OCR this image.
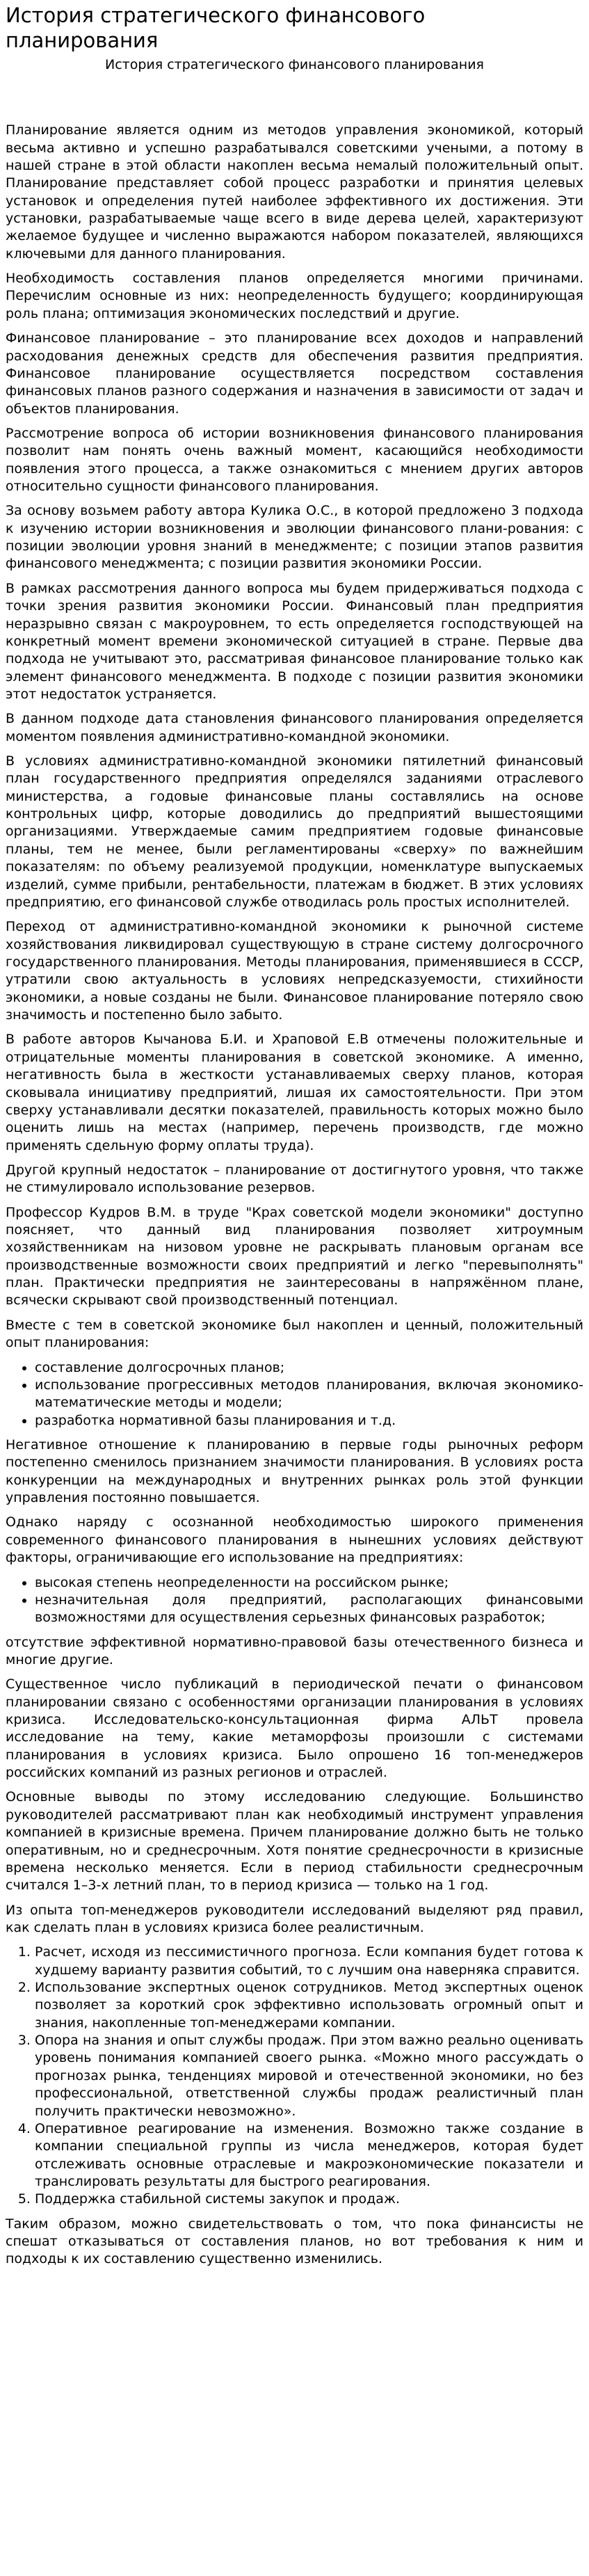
История стратегического финансового планирования
История стратегического финансового планирования

Планирование является одним из методов управления экономикой, который весьма активно и успешно разрабатывался советскими учеными, а потому в нашей стране в этой области накоплен весьма немалый положительный опыт. Планирование представляет собой процесс разработки и принятия целевых установок и определения путей наиболее эффективного их достижения. Эти установки, разрабатываемые чаще всего в виде дерева целей, характеризуют желаемое будущее и численно выражаются набором показателей, являющихся ключевыми для данного планирования.

Необходимость составления планов определяется многими причинами. Перечислим основные из них: неопределенность будущего; координирующая роль плана; оптимизация экономических последствий и другие.

Финансовое планирование – это планирование всех доходов и направлений расходования денежных средств для обеспечения развития предприятия. Финансовое планирование осуществляется посредством составления финансовых планов разного содержания и назначения в зависимости от задач и объектов планирования.

Рассмотрение вопроса об истории возникновения финансового планирования позволит нам понять очень важный момент, касающийся необходимости появления этого процесса, а также ознакомиться с мнением других авторов относительно сущности финансового планирования.

За основу возьмем работу автора Кулика О.С., в которой предложено 3 подхода к изучению истории возникновения и эволюции финансового плани-рования: с позиции эволюции уровня знаний в менеджменте; с позиции этапов развития финансового менеджмента; с позиции развития экономики России.

В рамках рассмотрения данного вопроса мы будем придерживаться подхода с точки зрения развития экономики России. Финансовый план предприятия неразрывно связан с макроуровнем, то есть определяется господствующей на конкретный момент времени экономической ситуацией в стране. Первые два подхода не учитывают это, рассматривая финансовое планирование только как элемент финансового менеджмента. В подходе с позиции развития экономики этот недостаток устраняется.

В данном подходе дата становления финансового планирования определяется моментом появления административно-командной экономики.

В условиях административно-командной экономики пятилетний финансовый план государственного предприятия определялся заданиями отраслевого министерства, а годовые финансовые планы составлялись на основе контрольных цифр, которые доводились до предприятий вышестоящими организациями. Утверждаемые самим предприятием годовые финансовые планы, тем не менее, были регламентированы «сверху» по важнейшим показателям: по объему реализуемой продукции, номенклатуре выпускаемых изделий, сумме прибыли, рентабельности, платежам в бюджет. В этих условиях предприятию, его финансовой службе отводилась роль простых исполнителей.

Переход от административно-командной экономики к рыночной системе хозяйствования ликвидировал существующую в стране систему долгосрочного государственного планирования. Методы планирования, применявшиеся в СССР, утратили свою актуальность в условиях непредсказуемости, стихийности экономики, а новые созданы не были. Финансовое планирование потеряло свою значимость и постепенно было забыто.

В работе авторов Кычанова Б.И. и Храповой Е.В отмечены положительные и отрицательные моменты планирования в советской экономике. А именно, негативность была в жесткости устанавливаемых сверху планов, которая сковывала инициативу предприятий, лишая их самостоятельности. При этом сверху устанавливали десятки показателей, правильность которых можно было оценить лишь на местах (например, перечень производств, где можно применять сдельную форму оплаты труда).

Другой крупный недостаток – планирование от достигнутого уровня, что также не стимулировало использование резервов.

Профессор Кудров В.М. в труде "Крах советской модели экономики" доступно поясняет, что данный вид планирования позволяет хитроумным хозяйственникам на низовом уровне не раскрывать плановым органам все производственные возможности своих предприятий и легко "перевыполнять" план. Практически предприятия не заинтересованы в напряжённом плане, всячески скрывают свой производственный потенциал.

Вместе с тем в советской экономике был накоплен и ценный, положительный опыт планирования:

• составление долгосрочных планов;
• использование прогрессивных методов планирования, включая экономико-математические методы и модели;
• разработка нормативной базы планирования и т.д.

Негативное отношение к планированию в первые годы рыночных реформ постепенно сменилось признанием значимости планирования. В условиях роста конкуренции на международных и внутренних рынках роль этой функции управления постоянно повышается.

Однако наряду с осознанной необходимостью широкого применения современного финансового планирования в нынешних условиях действуют факторы, ограничивающие его использование на предприятиях:

• высокая степень неопределенности на российском рынке;
• незначительная доля предприятий, располагающих финансовыми возможностями для осуществления серьезных финансовых разработок;

отсутствие эффективной нормативно-правовой базы отечественного бизнеса и многие другие.

Существенное число публикаций в периодической печати о финансовом планировании связано с особенностями организации планирования в условиях кризиса. Исследовательско-консультационная фирма АЛЬТ провела исследование на тему, какие метаморфозы произошли с системами планирования в условиях кризиса. Было опрошено 16 топ-менеджеров российских компаний из разных регионов и отраслей.

Основные выводы по этому исследованию следующие. Большинство руководителей рассматривают план как необходимый инструмент управления компанией в кризисные времена. Причем планирование должно быть не только оперативным, но и среднесрочным. Хотя понятие среднесрочности в кризисные времена несколько меняется. Если в период стабильности среднесрочным считался 1–3-х летний план, то в период кризиса — только на 1 год.

Из опыта топ-менеджеров руководители исследований выделяют ряд правил, как сделать план в условиях кризиса более реалистичным.

1. Расчет, исходя из пессимистичного прогноза. Если компания будет готова к худшему варианту развития событий, то с лучшим она наверняка справится.
2. Использование экспертных оценок сотрудников. Метод экспертных оценок позволяет за короткий срок эффективно использовать огромный опыт и знания, накопленные топ-менеджерами компании.
3. Опора на знания и опыт службы продаж. При этом важно реально оценивать уровень понимания компанией своего рынка. «Можно много рассуждать о прогнозах рынка, тенденциях мировой и отечественной экономики, но без профессиональной, ответственной службы продаж реалистичный план получить практически невозможно».
4. Оперативное реагирование на изменения. Возможно также создание в компании специальной группы из числа менеджеров, которая будет отслеживать основные отраслевые и макроэкономические показатели и транслировать результаты для быстрого реагирования.
5. Поддержка стабильной системы закупок и продаж.

Таким образом, можно свидетельствовать о том, что пока финансисты не спешат отказываться от составления планов, но вот требования к ним и подходы к их составлению существенно изменились.
